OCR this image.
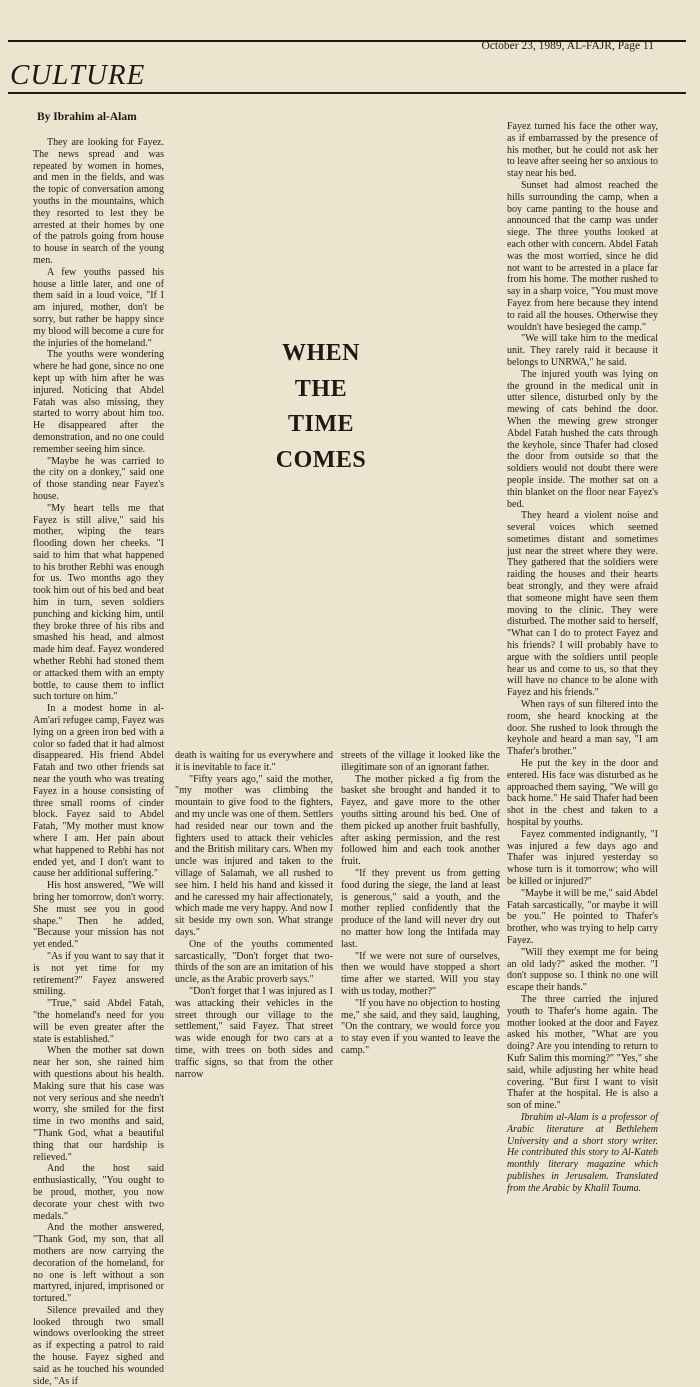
October 23, 1989, AL-FAJR, Page 11
CULTURE
By Ibrahim al-Alam

They are looking for Fayez. The news spread and was repeated by women in homes, and men in the fields, and was the topic of conversation among youths in the mountains, which they resorted to lest they be arrested at their homes by one of the patrols going from house to house in search of the young men.

A few youths passed his house a little later, and one of them said in a loud voice, "If I am injured, mother, don't be sorry, but rather be happy since my blood will become a cure for the injuries of the homeland."

The youths were wondering where he had gone, since no one kept up with him after he was injured. Noticing that Abdel Fatah was also missing, they started to worry about him too. He disappeared after the demonstration, and no one could remember seeing him since.

"Maybe he was carried to the city on a donkey," said one of those standing near Fayez's house.

"My heart tells me that Fayez is still alive," said his mother, wiping the tears flooding down her cheeks. "I said to him that what happened to his brother Rebhi was enough for us. Two months ago they took him out of his bed and beat him in turn, seven soldiers punching and kicking him, until they broke three of his ribs and smashed his head, and almost made him deaf. Fayez wondered whether Rebhi had stoned them or attacked them with an empty bottle, to cause them to inflict such torture on him."

In a modest home in al-Am'ari refugee camp, Fayez was lying on a green iron bed with a color so faded that it had almost disappeared. His friend Abdel Fatah and two other friends sat near the youth who was treating Fayez in a house consisting of three small rooms of cinder block. Fayez said to Abdel Fatah, "My mother must know where I am. Her pain about what happened to Rebhi has not ended yet, and I don't want to cause her additional suffering."

His host answered, "We will bring her tomorrow, don't worry. She must see you in good shape." Then he added, "Because your mission has not yet ended."

"As if you want to say that it is not yet time for my retirement?" Fayez answered smiling.

"True," said Abdel Fatah, "the homeland's need for you will be even greater after the state is established."

When the mother sat down near her son, she rained him with questions about his health. Making sure that his case was not very serious and she needn't worry, she smiled for the first time in two months and said, "Thank God, what a beautiful thing that our hardship is relieved."

And the host said enthusiastically, "You ought to be proud, mother, you now decorate your chest with two medals."

And the mother answered, "Thank God, my son, that all mothers are now carrying the decoration of the homeland, for no one is left without a son martyred, injured, imprisoned or tortured."

Silence prevailed and they looked through two small windows overlooking the street as if expecting a patrol to raid the house. Fayez sighed and said as he touched his wounded side, "As if

WHEN
THE
TIME
COMES

death is waiting for us everywhere and it is inevitable to face it."

"Fifty years ago," said the mother, "my mother was climbing the mountain to give food to the fighters, and my uncle was one of them. Settlers had resided near our town and the fighters used to attack their vehicles and the British military cars. When my uncle was injured and taken to the village of Salamah, we all rushed to see him. I held his hand and kissed it and he caressed my hair affectionately, which made me very happy. And now I sit beside my own son. What strange days."

One of the youths commented sarcastically, "Don't forget that two-thirds of the son are an imitation of his uncle, as the Arabic proverb says."

"Don't forget that I was injured as I was attacking their vehicles in the street through our village to the settlement," said Fayez. That street was wide enough for two cars at a time, with trees on both sides and traffic signs, so that from the other narrow

streets of the village it looked like the illegitimate son of an ignorant father.

The mother picked a fig from the basket she brought and handed it to Fayez, and gave more to the other youths sitting around his bed. One of them picked up another fruit bashfully, after asking permission, and the rest followed him and each took another fruit.

"If they prevent us from getting food during the siege, the land at least is generous," said a youth, and the mother replied confidently that the produce of the land will never dry out no matter how long the Intifada may last.

"If we were not sure of ourselves, then we would have stopped a short time after we started. Will you stay with us today, mother?"

"If you have no objection to hosting me," she said, and they said, laughing, "On the contrary, we would force you to stay even if you wanted to leave the camp."

Fayez turned his face the other way, as if embarrassed by the presence of his mother, but he could not ask her to leave after seeing her so anxious to stay near his bed.

Sunset had almost reached the hills surrounding the camp, when a boy came panting to the house and announced that the camp was under siege. The three youths looked at each other with concern. Abdel Fatah was the most worried, since he did not want to be arrested in a place far from his home. The mother rushed to say in a sharp voice, "You must move Fayez from here because they intend to raid all the houses. Otherwise they wouldn't have besieged the camp."

"We will take him to the medical unit. They rarely raid it because it belongs to UNRWA," he said.

The injured youth was lying on the ground in the medical unit in utter silence, disturbed only by the mewing of cats behind the door. When the mewing grew stronger Abdel Fatah hushed the cats through the keyhole, since Thafer had closed the door from outside so that the soldiers would not doubt there were people inside. The mother sat on a thin blanket on the floor near Fayez's bed.

They heard a violent noise and several voices which seemed sometimes distant and sometimes just near the street where they were. They gathered that the soldiers were raiding the houses and their hearts beat strongly, and they were afraid that someone might have seen them moving to the clinic. They were disturbed. The mother said to herself, "What can I do to protect Fayez and his friends? I will probably have to argue with the soldiers until people hear us and come to us, so that they will have no chance to be alone with Fayez and his friends."

When rays of sun filtered into the room, she heard knocking at the door. She rushed to look through the keyhole and heard a man say, "I am Thafer's brother."

He put the key in the door and entered. His face was disturbed as he approached them saying, "We will go back home." He said Thafer had been shot in the chest and taken to a hospital by youths.

Fayez commented indignantly, "I was injured a few days ago and Thafer was injured yesterday so whose turn is it tomorrow; who will be killed or injured?"

"Maybe it will be me," said Abdel Fatah sarcastically, "or maybe it will be you." He pointed to Thafer's brother, who was trying to help carry Fayez.

"Will they exempt me for being an old lady?" asked the mother. "I don't suppose so. I think no one will escape their hands."

The three carried the injured youth to Thafer's home again. The mother looked at the door and Fayez asked his mother, "What are you doing? Are you intending to return to Kufr Salim this morning?" "Yes," she said, while adjusting her white head covering. "But first I want to visit Thafer at the hospital. He is also a son of mine."

Ibrahim al-Alam is a professor of Arabic literature at Bethlehem University and a short story writer. He contributed this story to Al-Kateb monthly literary magazine which publishes in Jerusalem. Translated from the Arabic by Khalil Touma.
